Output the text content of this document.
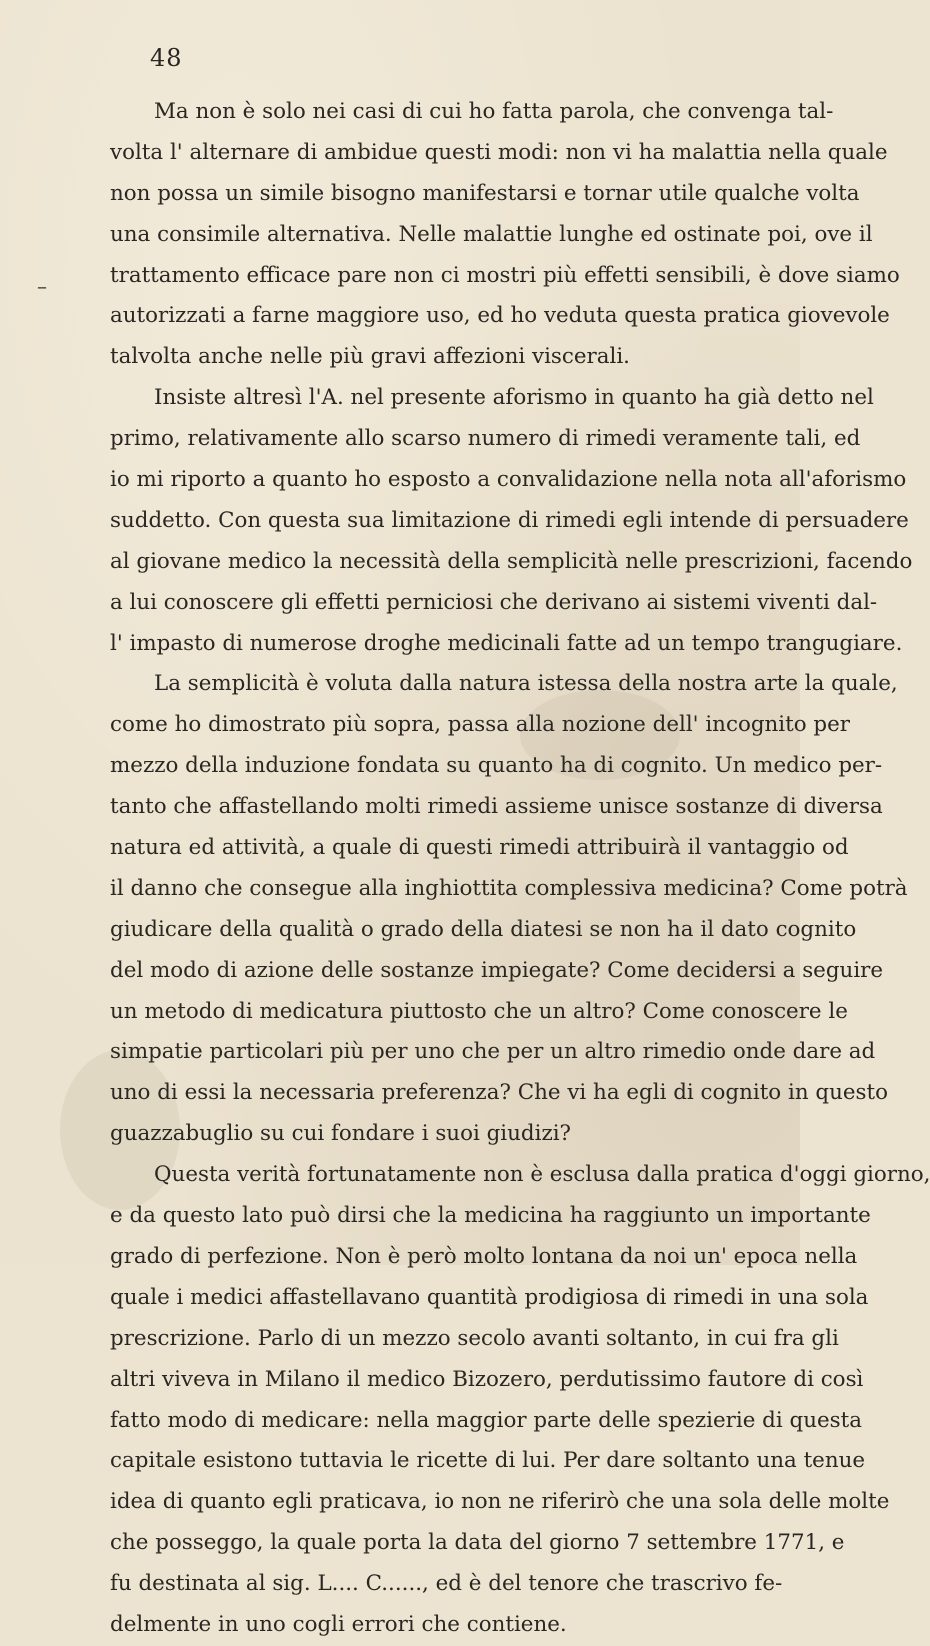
48
–
Ma non è solo nei casi di cui ho fatta parola, che convenga tal-
volta l' alternare di ambidue questi modi: non vi ha malattia nella quale
non possa un simile bisogno manifestarsi e tornar utile qualche volta
una consimile alternativa. Nelle malattie lunghe ed ostinate poi, ove il
trattamento efficace pare non ci mostri più effetti sensibili, è dove siamo
autorizzati a farne maggiore uso, ed ho veduta questa pratica giovevole
talvolta anche nelle più gravi affezioni viscerali.
Insiste altresì l'A. nel presente aforismo in quanto ha già detto nel
primo, relativamente allo scarso numero di rimedi veramente tali, ed
io mi riporto a quanto ho esposto a convalidazione nella nota all'aforismo
suddetto. Con questa sua limitazione di rimedi egli intende di persuadere
al giovane medico la necessità della semplicità nelle prescrizioni, facendo
a lui conoscere gli effetti perniciosi che derivano ai sistemi viventi dal-
l' impasto di numerose droghe medicinali fatte ad un tempo trangugiare.
La semplicità è voluta dalla natura istessa della nostra arte la quale,
come ho dimostrato più sopra, passa alla nozione dell' incognito per
mezzo della induzione fondata su quanto ha di cognito. Un medico per-
tanto che affastellando molti rimedi assieme unisce sostanze di diversa
natura ed attività, a quale di questi rimedi attribuirà il vantaggio od
il danno che consegue alla inghiottita complessiva medicina? Come potrà
giudicare della qualità o grado della diatesi se non ha il dato cognito
del modo di azione delle sostanze impiegate? Come decidersi a seguire
un metodo di medicatura piuttosto che un altro? Come conoscere le
simpatie particolari più per uno che per un altro rimedio onde dare ad
uno di essi la necessaria preferenza? Che vi ha egli di cognito in questo
guazzabuglio su cui fondare i suoi giudizi?
Questa verità fortunatamente non è esclusa dalla pratica d'oggi giorno,
e da questo lato può dirsi che la medicina ha raggiunto un importante
grado di perfezione. Non è però molto lontana da noi un' epoca nella
quale i medici affastellavano quantità prodigiosa di rimedi in una sola
prescrizione. Parlo di un mezzo secolo avanti soltanto, in cui fra gli
altri viveva in Milano il medico Bizozero, perdutissimo fautore di così
fatto modo di medicare: nella maggior parte delle spezierie di questa
capitale esistono tuttavia le ricette di lui. Per dare soltanto una tenue
idea di quanto egli praticava, io non ne riferirò che una sola delle molte
che posseggo, la quale porta la data del giorno 7 settembre 1771, e
fu destinata al sig. L.... C......, ed è del tenore che trascrivo fe-
delmente in uno cogli errori che contiene.
